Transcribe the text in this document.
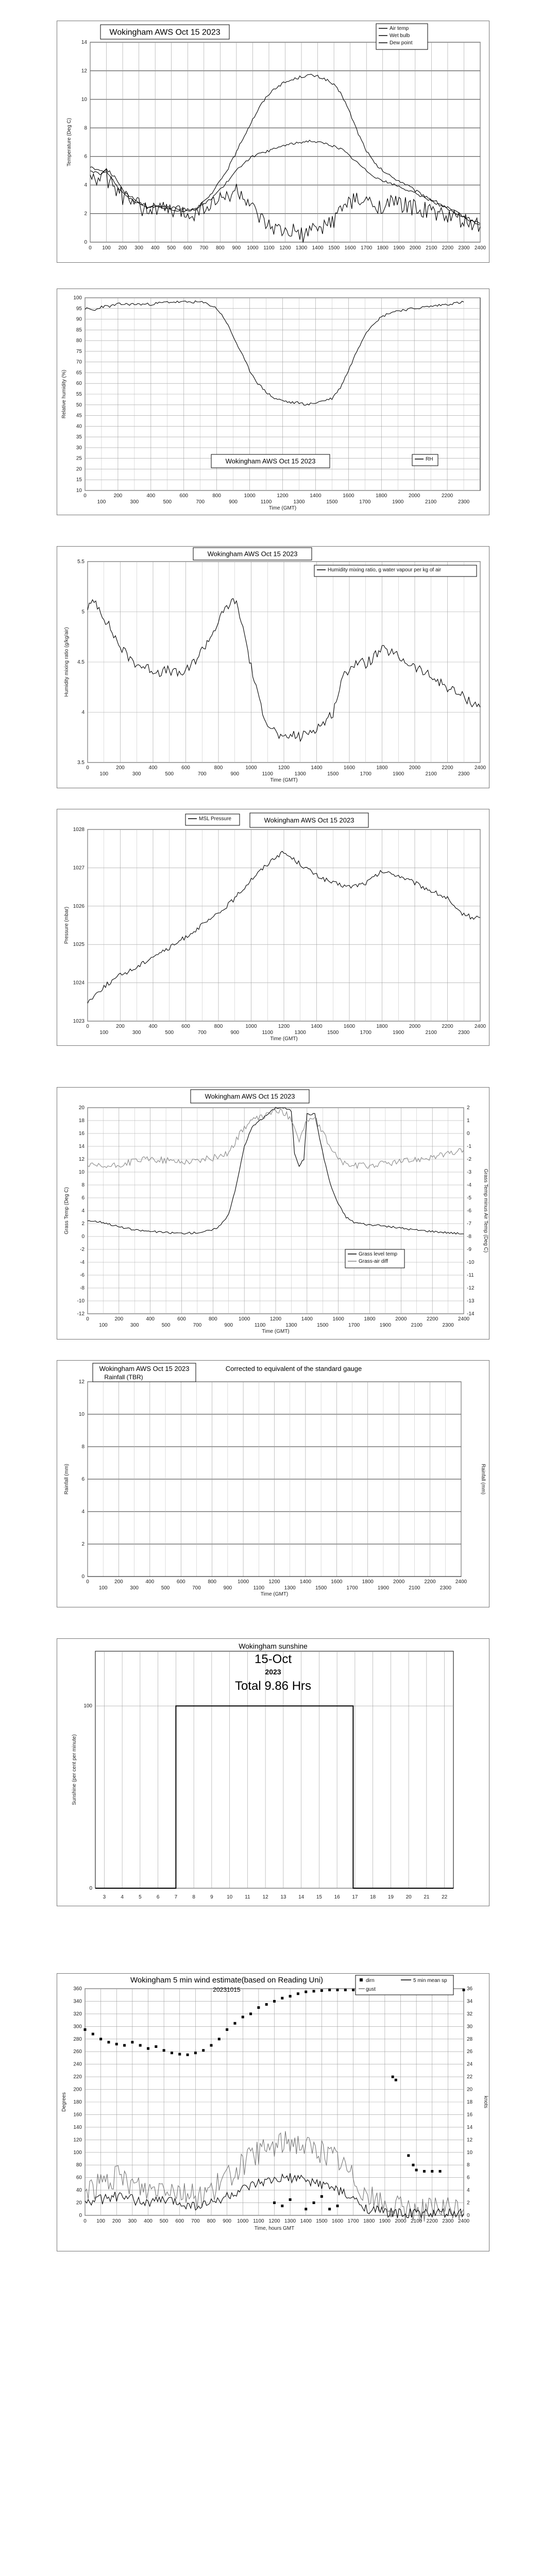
0
2
4
6
8
10
12
14
0 100 200 300 400 500 600 700 800 900 1000 1100 1200 1300 1400 1500 1600 1700 1800 1900 2000 2100 2200 2300 2400
Temperature (Deg C)
Wokingham AWS Oct 15 2023	Air temp
Wet bulb
Dew point
10
15
20
25
30
35
40
45
50
55
60
65
70
75
80
85
90
95
100
0	200	400	600	800	1000	1200	1400	1600	1800	2000	2200
100	300	500	700	900	1100	1300	1500	1700	1900	2100	2300
Relative humidity (%)
Time (GMT)
Wokingham AWS Oct 15 2023	RH
3.5
4
4.5
5
5.5
0	200	400	600	800	1000	1200	1400	1600	1800	2000	2200	2400
100	300	500	700	900	1100	1300	1500	1700	1900	2100	2300
Humidity mixing ratio (g/kg/air)
Time (GMT)
Wokingham AWS Oct 15 2023
Humidity mixing ratio, g water vapour per kg of air
1023
1024
1025
1026
1027
1028
0	200	400	600	800	1000	1200	1400	1600	1800	2000	2200	2400
100	300	500	700	900	1100	1300	1500	1700	1900	2100	2300
Pressure (mbar)
Time (GMT)
Wokingham AWS Oct 15 2023
MSL Pressure
-12
-10
-8
-6
-4
-2
0
2
4
6
8
10
12
14
16
18
20
-14
-13
-12
-11
-10
-9
-8
-7
-6
-5
-4
-3
-2
-1
0
1
2
0	200	400	600	800	1000	1200	1400	1600	1800	2000	2200	2400
100	300	500	700	900	1100	1300	1500	1700	1900	2100	2300
Grass Temp (Deg C)	Grass Temp minus Air Temp (Deg C)
Time (GMT)
Wokingham AWS Oct 15 2023
Grass level temp
Grass-air diff
0
2
4
6
8
10
12
0	200	400	600	800	1000	1200	1400	1600	1800	2000	2200	2400
100	300	500	700	900	1100	1300	1500	1700	1900	2100	2300
Rainfall (mm)	Rainfall (mm)
Time (GMT)
Wokingham AWS Oct 15 2023
Rainfall (TBR)
Corrected to equivalent of the standard gauge
0
100
3	4	5	6	7	8	9	10 11 12 13 14 15 16 17 18 19 20 21 22
Sunshine (per cent per minute)
Wokingham sunshine
15-Oct
2023
Total 9.86 Hrs
0
20
40
60
80
100
120
140
160
180
200
220
240
260
280
300
320
340
360
0
2
4
6
8
10
12
14
16
18
20
22
24
26
28
30
32
34
36
0 100 200 300 400 500 600 700 800 900 1000 1100 1200 1300 1400 1500 1600 1700 1800 1900 2000 2100 2200 2300 2400
Degrees	knots
Time, hours GMT
Wokingham 5 min wind estimate(based on Reading Uni)
20231015
dirn
gust
5 min mean sp
